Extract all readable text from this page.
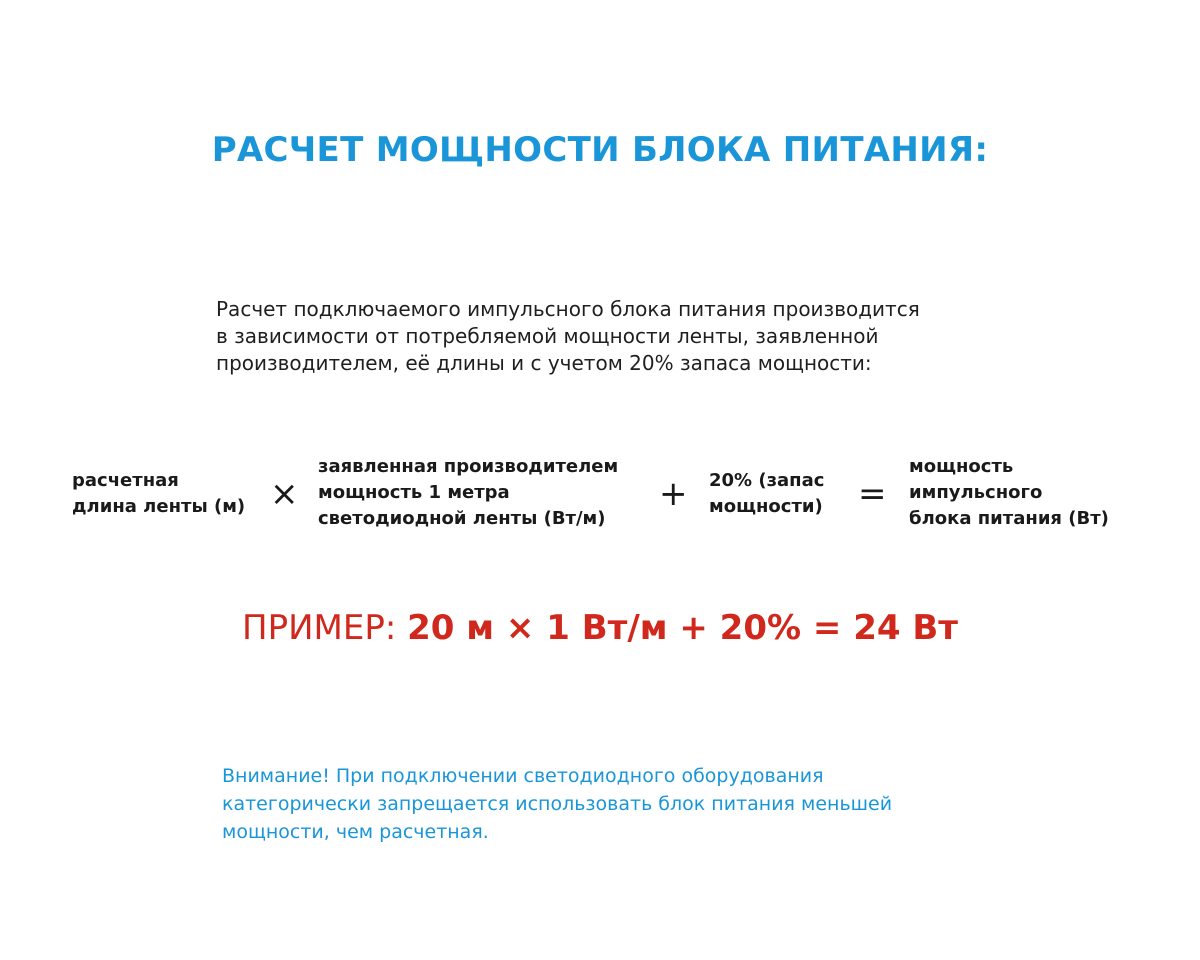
РАСЧЕТ МОЩНОСТИ БЛОКА ПИТАНИЯ:

Расчет подключаемого импульсного блока питания производится
в зависимости от потребляемой мощности ленты, заявленной
производителем, её длины и с учетом 20% запаса мощности:

расчетная
длина ленты (м) ×

заявленная производителем
мощность 1 метра
светодиодной ленты (Вт/м)

+ 20% (запас
мощности) =

мощность
импульсного
блока питания (Вт)

ПРИМЕР: 20 м × 1 Вт/м + 20% = 24 Вт

Внимание! При подключении светодиодного оборудования
категорически запрещается использовать блок питания меньшей
мощности, чем расчетная.
